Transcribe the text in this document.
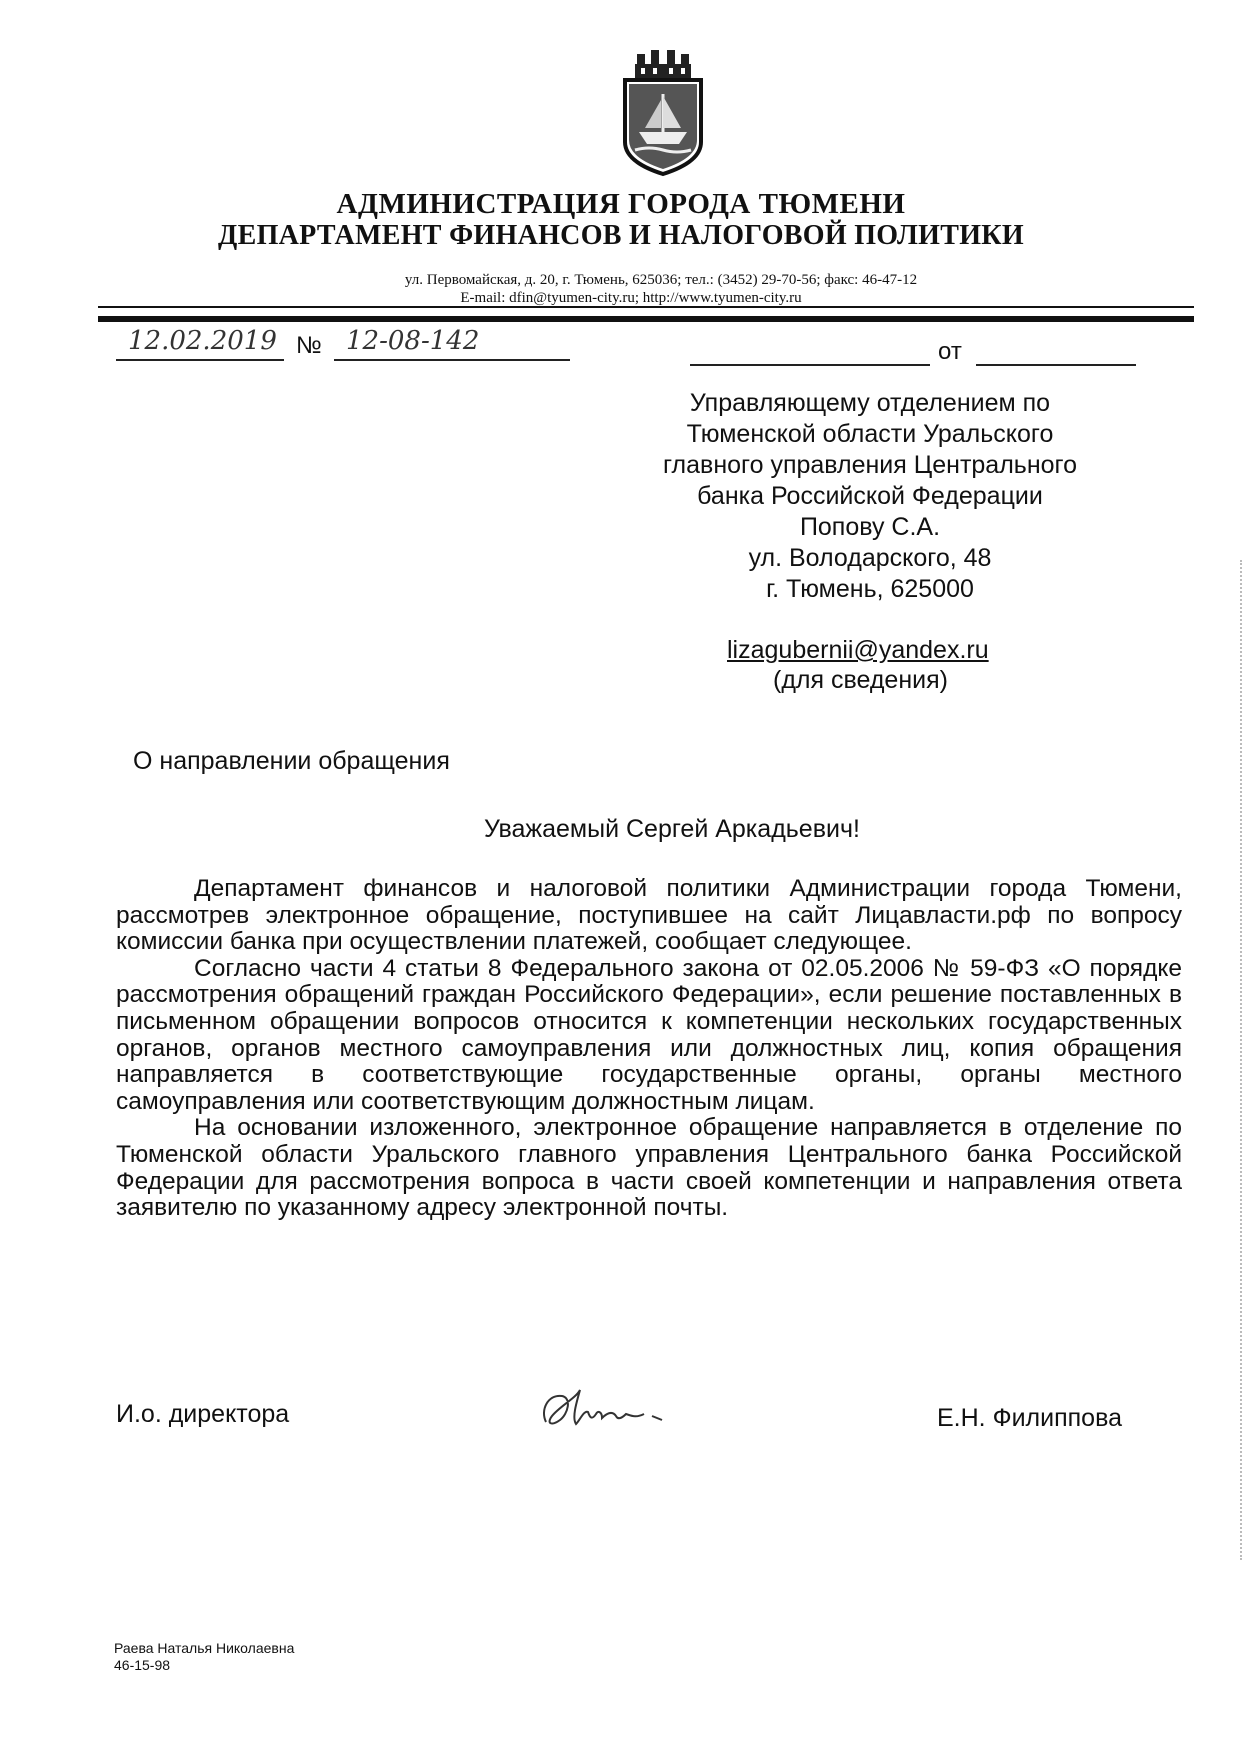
АДМИНИСТРАЦИЯ ГОРОДА ТЮМЕНИ
ДЕПАРТАМЕНТ ФИНАНСОВ И НАЛОГОВОЙ ПОЛИТИКИ
ул. Первомайская, д. 20, г. Тюмень, 625036; тел.: (3452) 29-70-56; факс: 46-47-12
E-mail: dfin@tyumen-city.ru; http://www.tyumen-city.ru
12.02.2019 № 12-08-142	от
Управляющему отделением по
Тюменской области Уральского
главного управления Центрального
банка Российской Федерации
Попову С.А.
ул. Володарского, 48
г. Тюмень, 625000
lizagubernii@yandex.ru
(для сведения)
О направлении обращения
Уважаемый Сергей Аркадьевич!

Департамент финансов и налоговой политики Администрации города Тюмени, рассмотрев электронное обращение, поступившее на сайт Лицавласти.рф по вопросу комиссии банка при осуществлении платежей, сообщает следующее.

Согласно части 4 статьи 8 Федерального закона от 02.05.2006 № 59-ФЗ «О порядке рассмотрения обращений граждан Российского Федерации», если решение поставленных в письменном обращении вопросов относится к компетенции нескольких государственных органов, органов местного самоуправления или должностных лиц, копия обращения направляется в соответствующие государственные органы, органы местного самоуправления или соответствующим должностным лицам.

На основании изложенного, электронное обращение направляется в отделение по Тюменской области Уральского главного управления Центрального банка Российской Федерации для рассмотрения вопроса в части своей компетенции и направления ответа заявителю по указанному адресу электронной почты.

И.о. директора	Е.Н. Филиппова
Раева Наталья Николаевна
46-15-98
